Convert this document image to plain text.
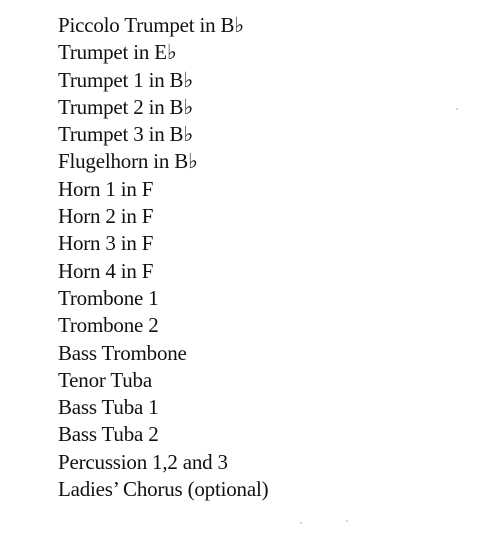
Piccolo Trumpet in B♭
Trumpet in E♭
Trumpet 1 in B♭
Trumpet 2 in B♭
Trumpet 3 in B♭
Flugelhorn in B♭
Horn 1 in F
Horn 2 in F
Horn 3 in F
Horn 4 in F
Trombone 1
Trombone 2
Bass Trombone
Tenor Tuba
Bass Tuba 1
Bass Tuba 2
Percussion 1,2 and 3
Ladies’ Chorus (optional)
